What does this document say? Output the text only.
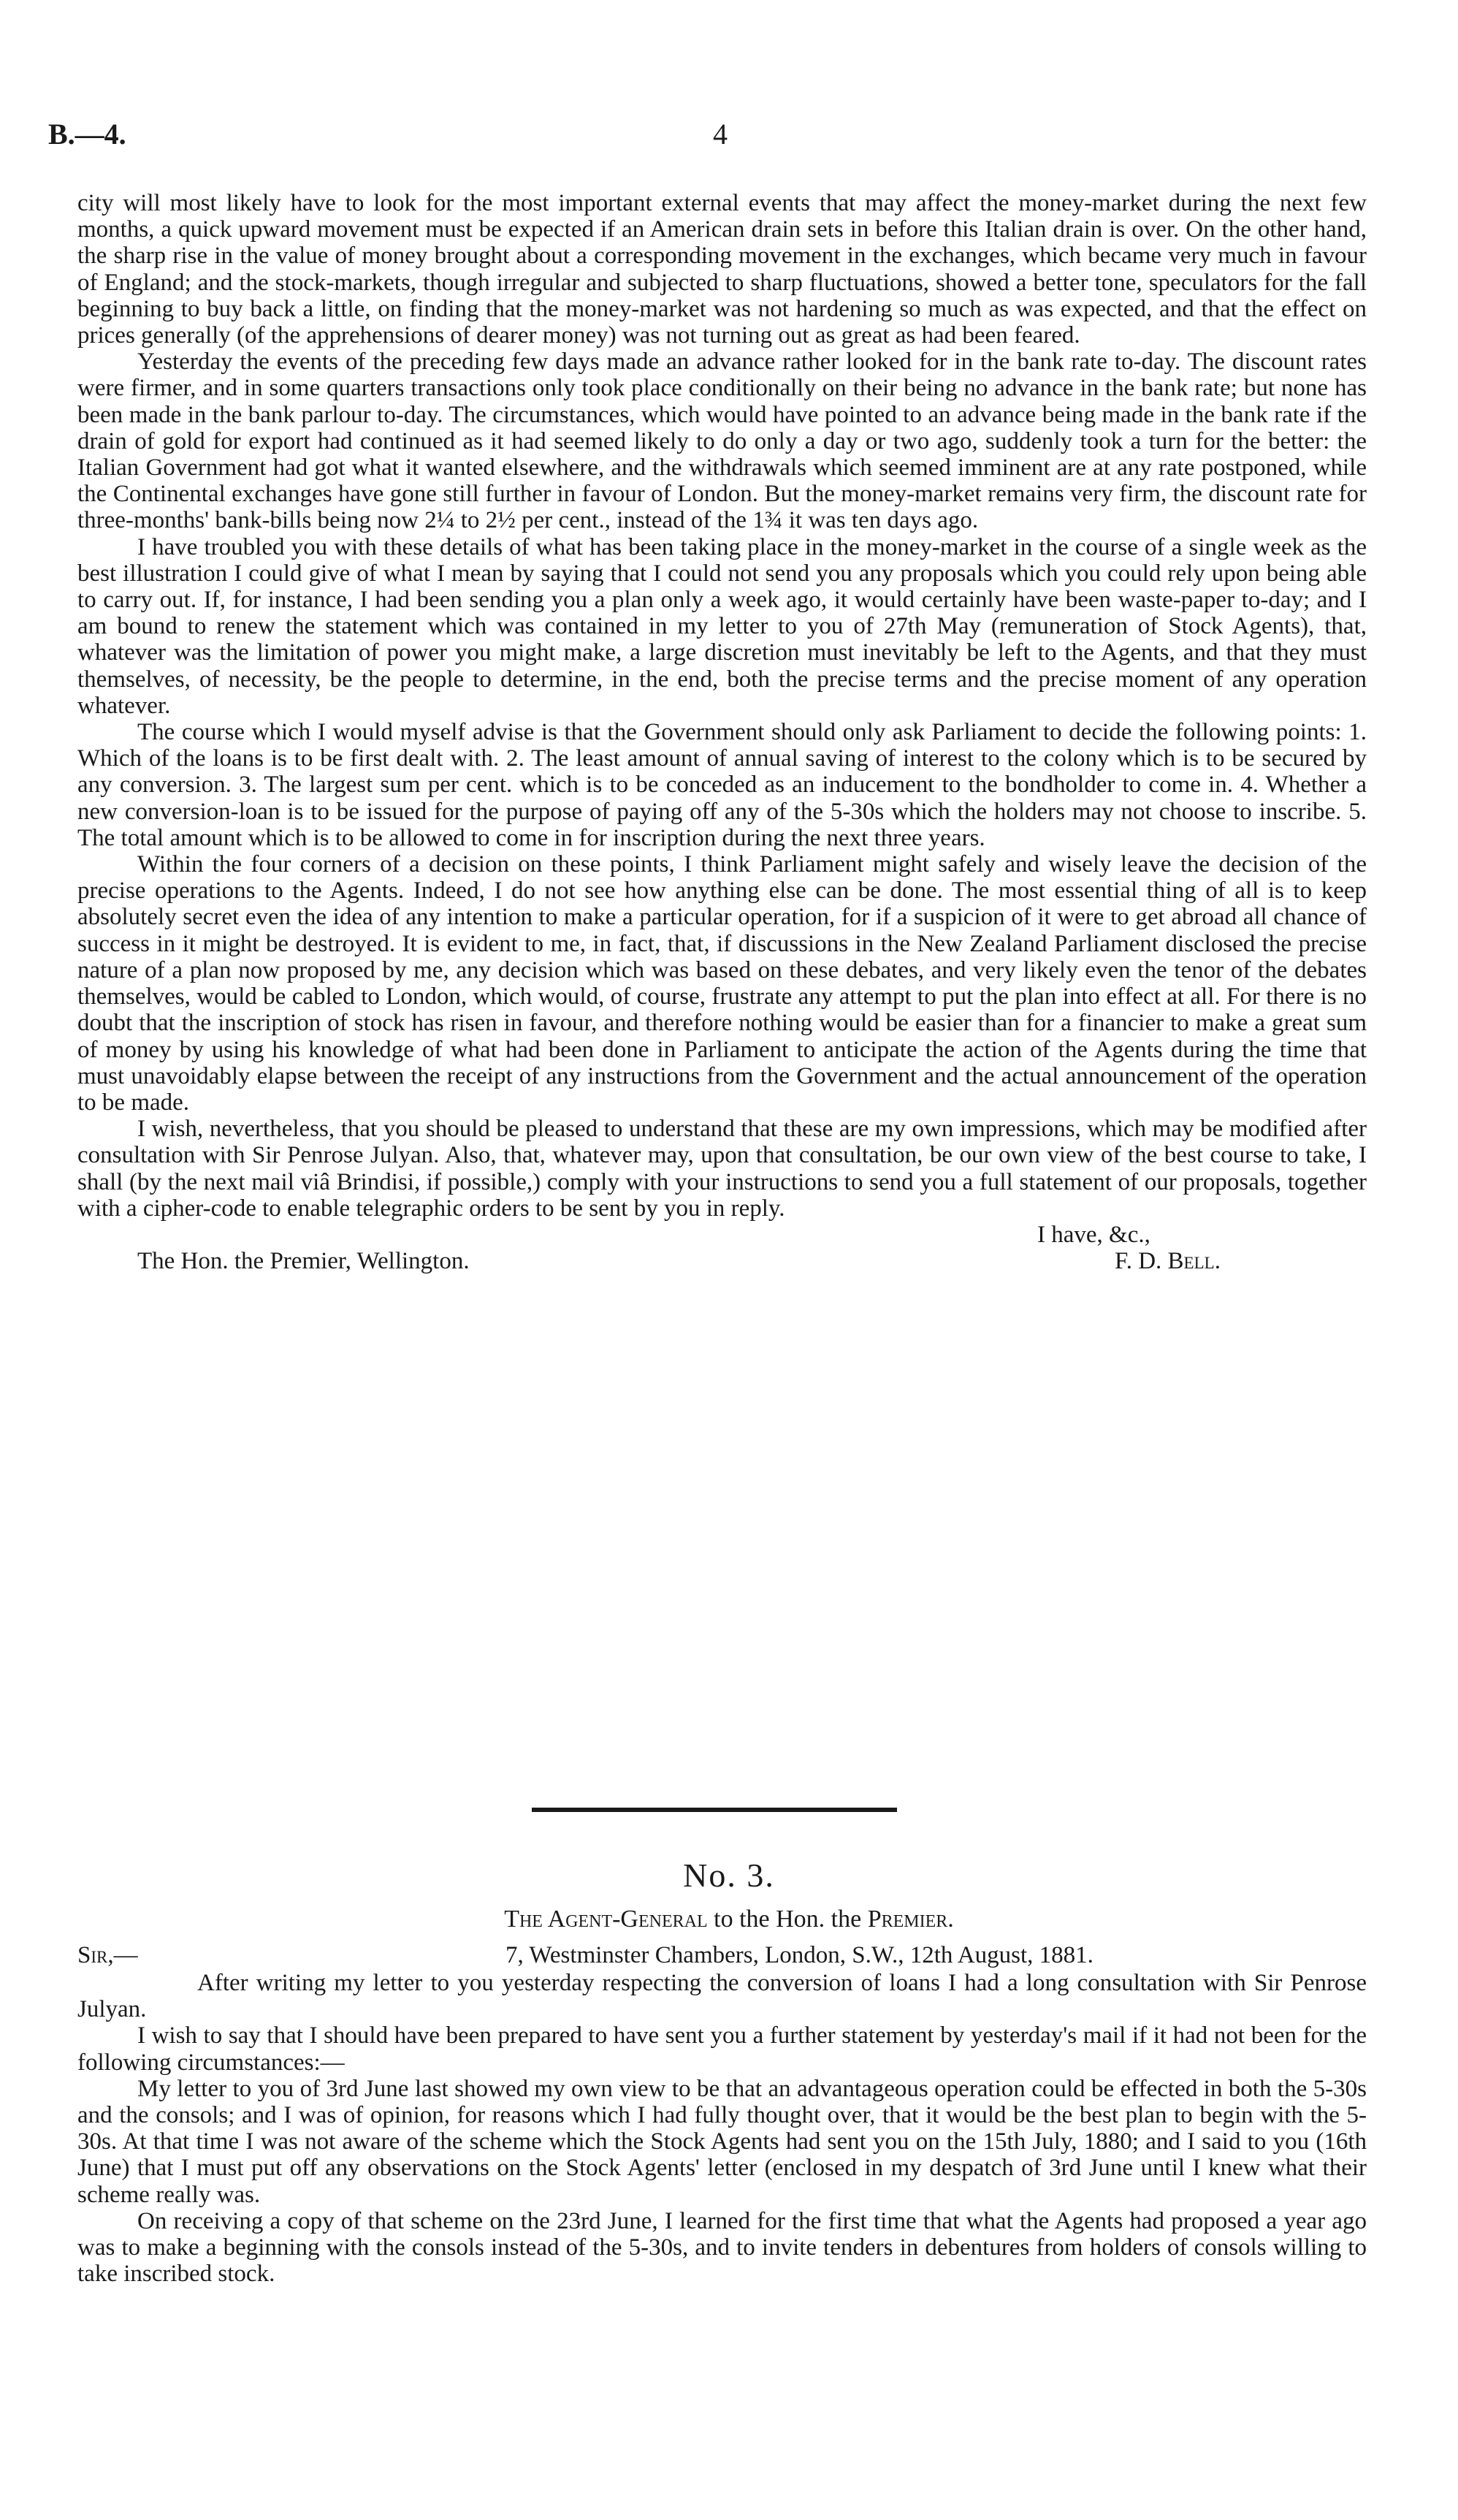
B.—4.	4

city will most likely have to look for the most important external events that may affect the money-market during the next few months, a quick upward movement must be expected if an American drain sets in before this Italian drain is over. On the other hand, the sharp rise in the value of money brought about a corresponding movement in the exchanges, which became very much in favour of England; and the stock-markets, though irregular and subjected to sharp fluctuations, showed a better tone, speculators for the fall beginning to buy back a little, on finding that the money-market was not hardening so much as was expected, and that the effect on prices generally (of the apprehensions of dearer money) was not turning out as great as had been feared.

Yesterday the events of the preceding few days made an advance rather looked for in the bank rate to-day. The discount rates were firmer, and in some quarters transactions only took place conditionally on their being no advance in the bank rate; but none has been made in the bank parlour to-day. The circumstances, which would have pointed to an advance being made in the bank rate if the drain of gold for export had continued as it had seemed likely to do only a day or two ago, suddenly took a turn for the better: the Italian Government had got what it wanted elsewhere, and the withdrawals which seemed imminent are at any rate postponed, while the Continental exchanges have gone still further in favour of London. But the money-market remains very firm, the discount rate for three-months' bank-bills being now 2¼ to 2½ per cent., instead of the 1¾ it was ten days ago.

I have troubled you with these details of what has been taking place in the money-market in the course of a single week as the best illustration I could give of what I mean by saying that I could not send you any proposals which you could rely upon being able to carry out. If, for instance, I had been sending you a plan only a week ago, it would certainly have been waste-paper to-day; and I am bound to renew the statement which was contained in my letter to you of 27th May (remuneration of Stock Agents), that, whatever was the limitation of power you might make, a large discretion must inevitably be left to the Agents, and that they must themselves, of necessity, be the people to determine, in the end, both the precise terms and the precise moment of any operation whatever.

The course which I would myself advise is that the Government should only ask Parliament to decide the following points: 1. Which of the loans is to be first dealt with. 2. The least amount of annual saving of interest to the colony which is to be secured by any conversion. 3. The largest sum per cent. which is to be conceded as an inducement to the bondholder to come in. 4. Whether a new conversion-loan is to be issued for the purpose of paying off any of the 5-30s which the holders may not choose to inscribe. 5. The total amount which is to be allowed to come in for inscription during the next three years.

Within the four corners of a decision on these points, I think Parliament might safely and wisely leave the decision of the precise operations to the Agents. Indeed, I do not see how anything else can be done. The most essential thing of all is to keep absolutely secret even the idea of any intention to make a particular operation, for if a suspicion of it were to get abroad all chance of success in it might be destroyed. It is evident to me, in fact, that, if discussions in the New Zealand Parliament disclosed the precise nature of a plan now proposed by me, any decision which was based on these debates, and very likely even the tenor of the debates themselves, would be cabled to London, which would, of course, frustrate any attempt to put the plan into effect at all. For there is no doubt that the inscription of stock has risen in favour, and therefore nothing would be easier than for a financier to make a great sum of money by using his knowledge of what had been done in Parliament to anticipate the action of the Agents during the time that must unavoidably elapse between the receipt of any instructions from the Government and the actual announcement of the operation to be made.

I wish, nevertheless, that you should be pleased to understand that these are my own impressions, which may be modified after consultation with Sir Penrose Julyan. Also, that, whatever may, upon that consultation, be our own view of the best course to take, I shall (by the next mail viâ Brindisi, if possible,) comply with your instructions to send you a full statement of our proposals, together with a cipher-code to enable telegraphic orders to be sent by you in reply.

I have, &c.,
The Hon. the Premier, Wellington.	F. D. Bell.
No. 3.
The Agent-General to the Hon. the Premier.
Sir,—	7, Westminster Chambers, London, S.W., 12th August, 1881.

After writing my letter to you yesterday respecting the conversion of loans I had a long consultation with Sir Penrose Julyan.

I wish to say that I should have been prepared to have sent you a further statement by yesterday's mail if it had not been for the following circumstances:—

My letter to you of 3rd June last showed my own view to be that an advantageous operation could be effected in both the 5-30s and the consols; and I was of opinion, for reasons which I had fully thought over, that it would be the best plan to begin with the 5-30s. At that time I was not aware of the scheme which the Stock Agents had sent you on the 15th July, 1880; and I said to you (16th June) that I must put off any observations on the Stock Agents' letter (enclosed in my despatch of 3rd June until I knew what their scheme really was.

On receiving a copy of that scheme on the 23rd June, I learned for the first time that what the Agents had proposed a year ago was to make a beginning with the consols instead of the 5-30s, and to invite tenders in debentures from holders of consols willing to take inscribed stock.
